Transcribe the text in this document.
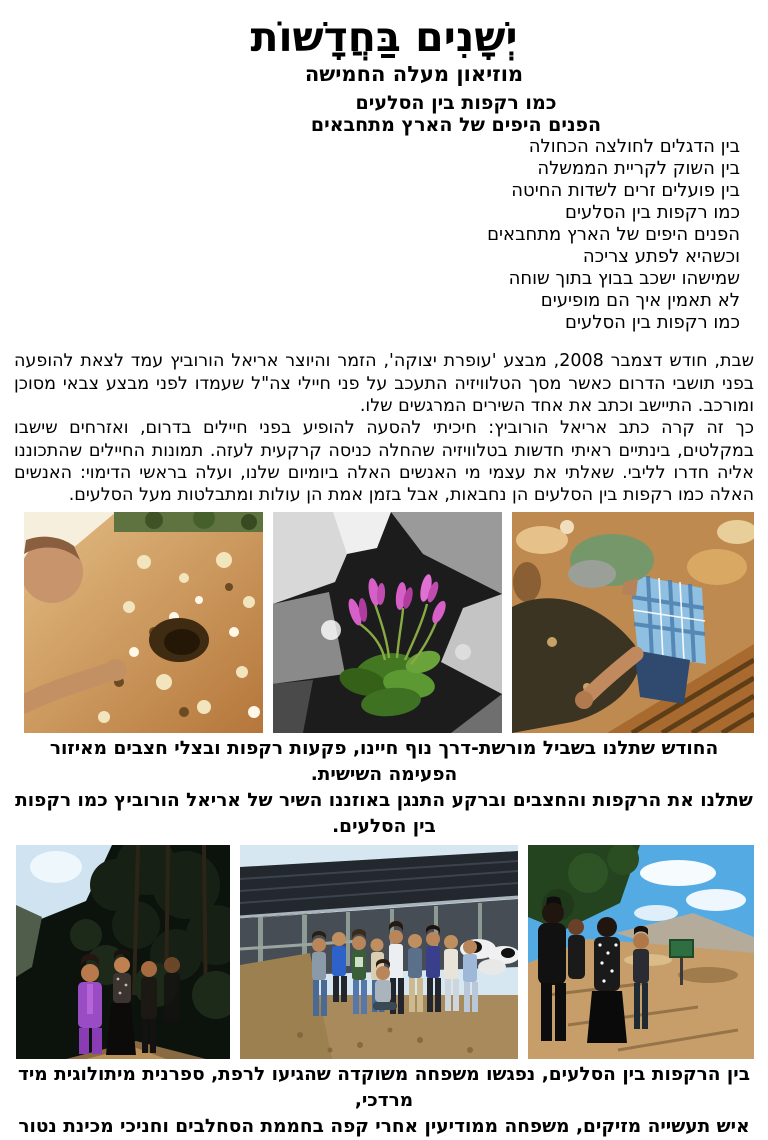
יְשָׁנִים בַּחֲדָשׁוֹת
מוזיאון מעלה החמישה
כמו רקפות בין הסלעים
הפנים היפים של הארץ מתחבאים
בין הדגלים לחולצה הכחולה
בין השוק לקריית הממשלה
בין פועלים זרים לשדות החיטה
כמו רקפות בין הסלעים
הפנים היפים של הארץ מתחבאים
וכשהיא לפתע צריכה
שמישהו ישכב בבוץ בתוך שוחה
לא תאמין איך הם מופיעים
כמו רקפות בין הסלעים

שבת, חודש דצמבר 2008, מבצע 'עופרת יצוקה', הזמר והיוצר אריאל הורוביץ עמד לצאת להופעה בפני תושבי הדרום כאשר מסך הטלוויזיה התעכב על פני חיילי צה"ל שעמדו לפני מבצע צבאי מסוכן ומורכב. התיישב וכתב את אחד השירים המרגשים שלו.

כך זה קרה כתב אריאל הורוביץ: חיכיתי להסעה להופיע בפני חיילים בדרום, ואזרחים שישבו במקלטים, בינתיים ראיתי חדשות בטלוויזיה שהחלה כניסה קרקעית לעזה. תמונות החיילים שהתכוננו אליה חדרו לליבי. שאלתי את עצמי מי האנשים האלה ביומיום שלנו, ועלה בראשי הדימוי: האנשים האלה כמו רקפות בין הסלעים הן נחבאות, אבל בזמן אמת הן עולות ומתבלטות מעל הסלעים.

החודש שתלנו בשביל מורשת-דרך נוף חיינו, פקעות רקפות ובצלי חצבים מאיזור הפעימה השישית.
שתלנו את הרקפות והחצבים וברקע התנגן באוזננו השיר של אריאל הורוביץ כמו רקפות בין הסלעים.
בין הרקפות בין הסלעים, נפגשו משפחה משוקדה שהגיעו לרפת, ספרנית מיתולוגית מיד מרדכי,
איש תעשייה מזיקים, משפחה ממודיעין אחרי קפה בחממת הסחלבים וחניכי מכינת נטור
